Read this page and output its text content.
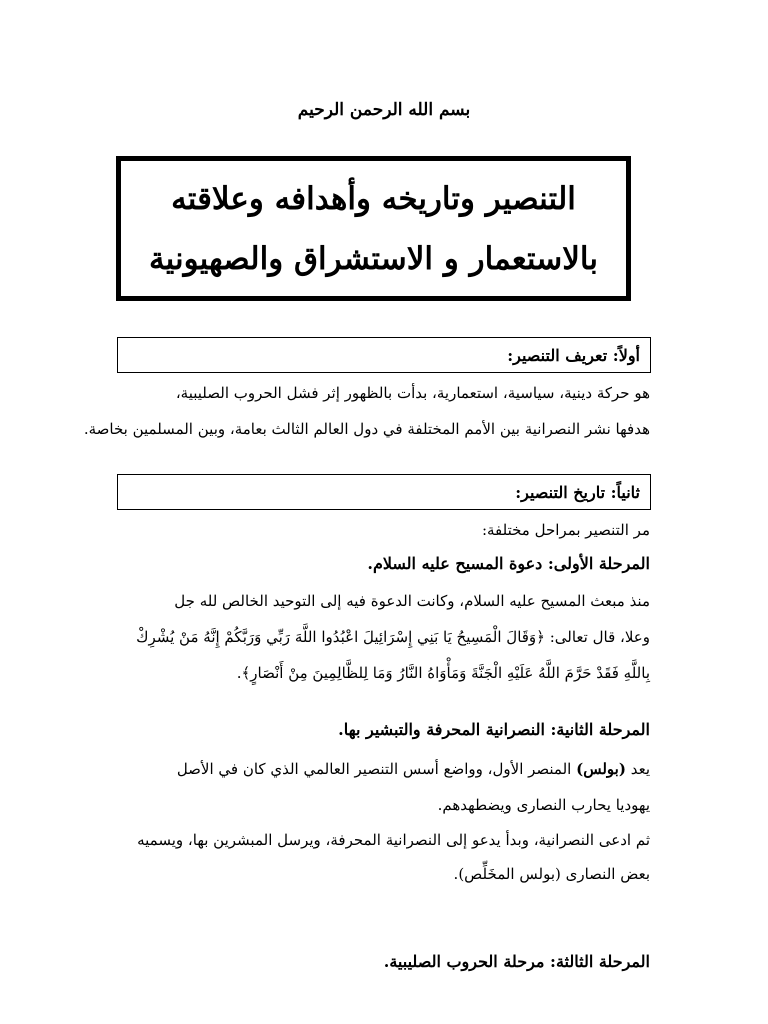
بسم الله الرحمن الرحيم
التنصير وتاريخه وأهدافه وعلاقته
بالاستعمار و الاستشراق والصهيونية
أولاً: تعريف التنصير:
هو حركة دينية، سياسية، استعمارية، بدأت بالظهور إثر فشل الحروب الصليبية،
هدفها نشر النصرانية بين الأمم المختلفة في دول العالم الثالث بعامة، وبين المسلمين بخاصة.
ثانياً: تاريخ التنصير:
مر التنصير بمراحل مختلفة:
المرحلة الأولى: دعوة المسيح عليه السلام.
منذ مبعث المسيح عليه السلام، وكانت الدعوة فيه إلى التوحيد الخالص لله جل
وعلا، قال تعالى: ﴿وَقَالَ الْمَسِيحُ يَا بَنِي إِسْرَائِيلَ اعْبُدُوا اللَّهَ رَبِّي وَرَبَّكُمْ إِنَّهُ مَنْ يُشْرِكْ
بِاللَّهِ فَقَدْ حَرَّمَ اللَّهُ عَلَيْهِ الْجَنَّةَ وَمَأْوَاهُ النَّارُ وَمَا لِلظَّالِمِينَ مِنْ أَنْصَارٍ﴾.
المرحلة الثانية: النصرانية المحرفة والتبشير بها.
يعد (بولس) المنصر الأول، وواضع أسس التنصير العالمي الذي كان في الأصل
يهوديا يحارب النصارى ويضطهدهم.
ثم ادعى النصرانية، وبدأ يدعو إلى النصرانية المحرفة، ويرسل المبشرين بها، ويسميه
بعض النصارى (بولس المخَلِّص).
المرحلة الثالثة: مرحلة الحروب الصليبية.
